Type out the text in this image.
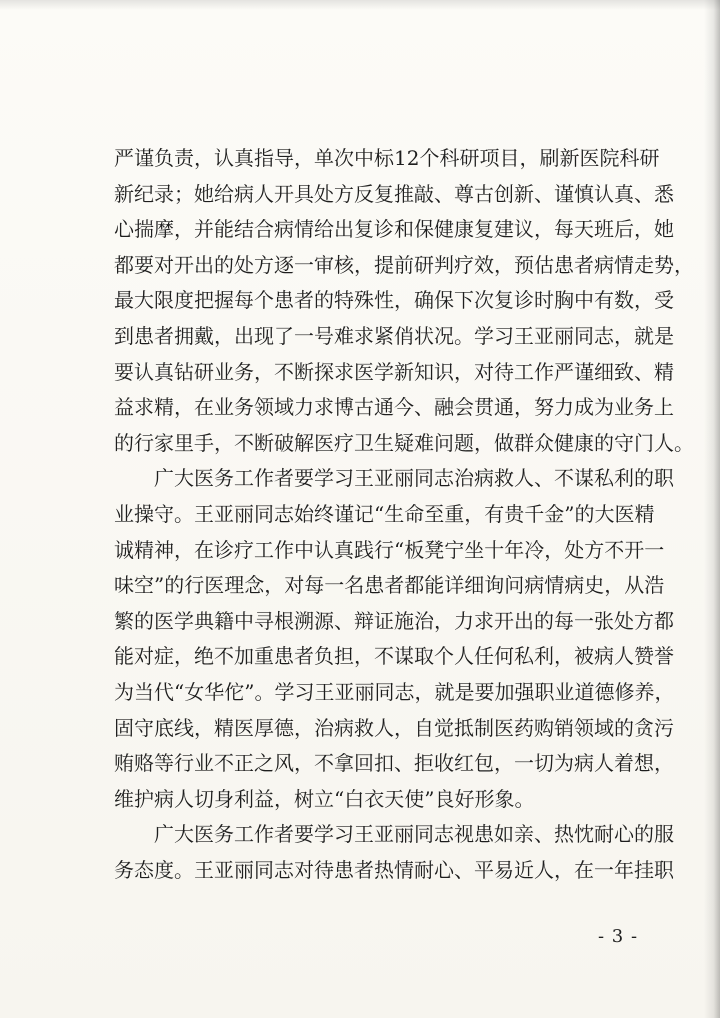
严谨负责，认真指导，单次中标12个科研项目，刷新医院科研
新纪录；她给病人开具处方反复推敲、尊古创新、谨慎认真、悉
心揣摩，并能结合病情给出复诊和保健康复建议，每天班后，她
都要对开出的处方逐一审核，提前研判疗效，预估患者病情走势，
最大限度把握每个患者的特殊性，确保下次复诊时胸中有数，受
到患者拥戴，出现了一号难求紧俏状况。学习王亚丽同志，就是
要认真钻研业务，不断探求医学新知识，对待工作严谨细致、精
益求精，在业务领域力求博古通今、融会贯通，努力成为业务上
的行家里手，不断破解医疗卫生疑难问题，做群众健康的守门人。
广大医务工作者要学习王亚丽同志治病救人、不谋私利的职
业操守。王亚丽同志始终谨记“生命至重，有贵千金”的大医精
诚精神，在诊疗工作中认真践行“板凳宁坐十年冷，处方不开一
味空”的行医理念，对每一名患者都能详细询问病情病史，从浩
繁的医学典籍中寻根溯源、辩证施治，力求开出的每一张处方都
能对症，绝不加重患者负担，不谋取个人任何私利，被病人赞誉
为当代“女华佗”。学习王亚丽同志，就是要加强职业道德修养，
固守底线，精医厚德，治病救人，自觉抵制医药购销领域的贪污
贿赂等行业不正之风，不拿回扣、拒收红包，一切为病人着想，
维护病人切身利益，树立“白衣天使”良好形象。
广大医务工作者要学习王亚丽同志视患如亲、热忱耐心的服
务态度。王亚丽同志对待患者热情耐心、平易近人，在一年挂职
- 3 -
